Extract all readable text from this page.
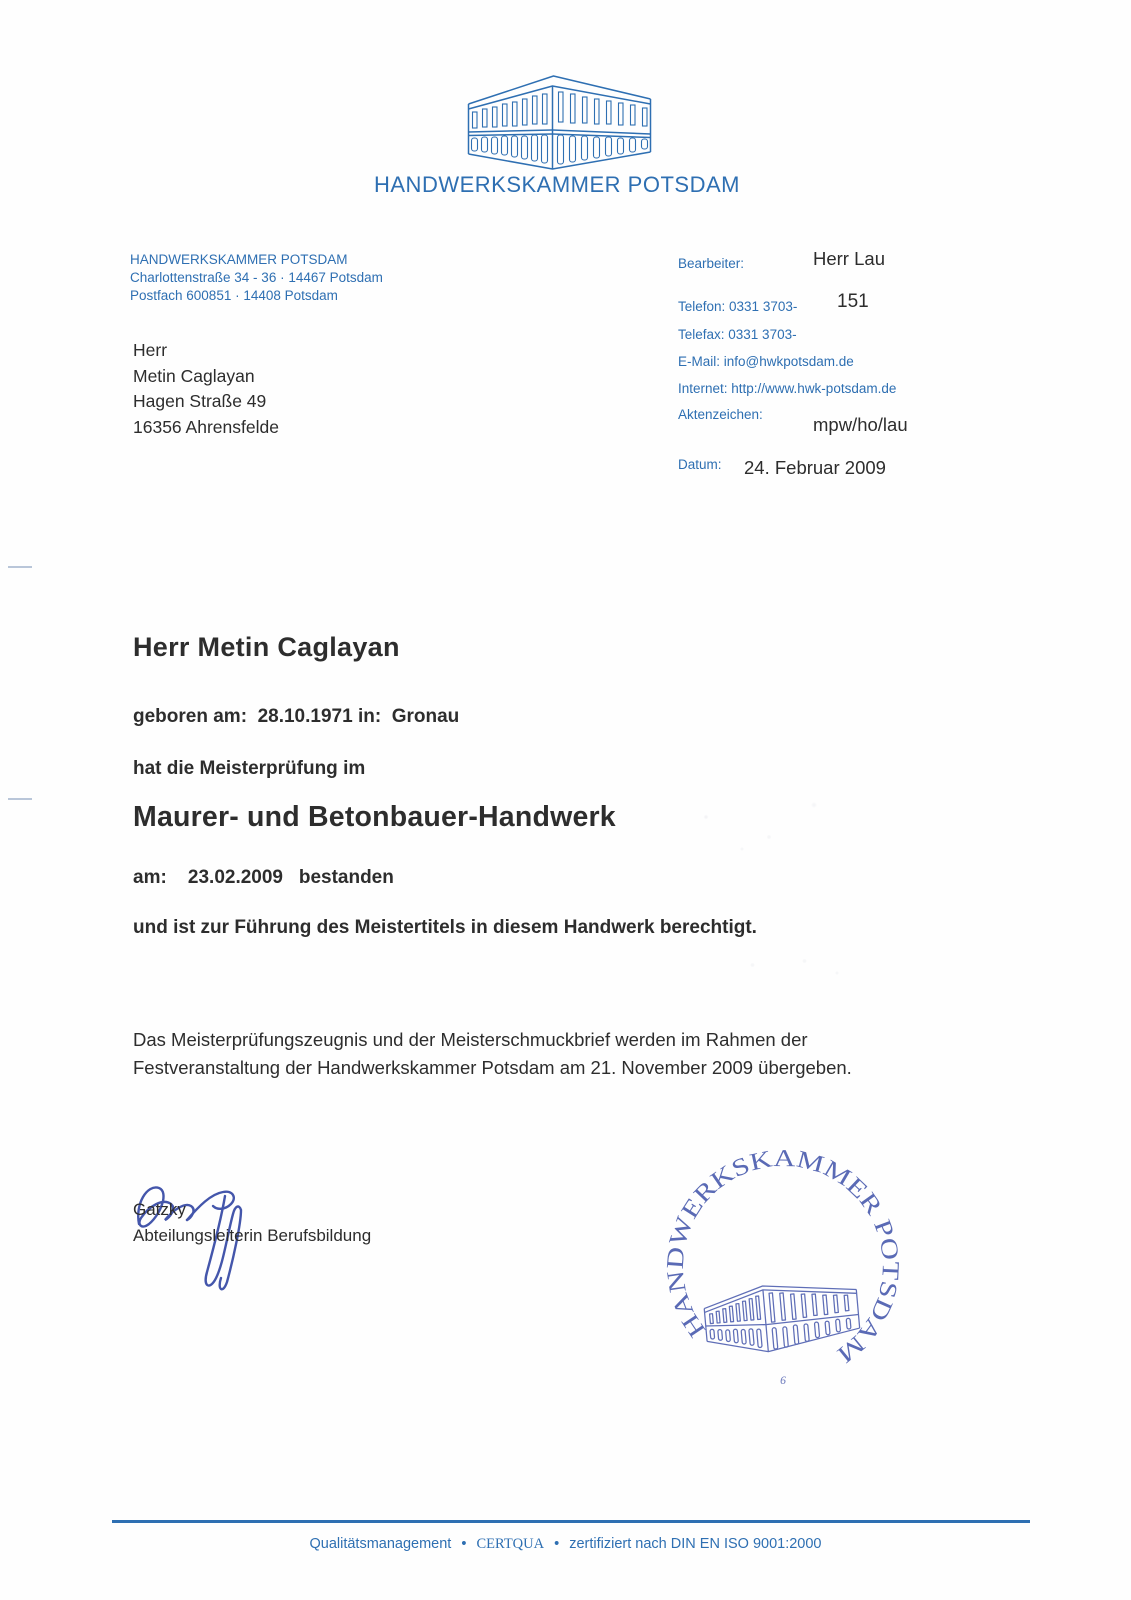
HANDWERKSKAMMER POTSDAM
HANDWERKSKAMMER POTSDAM
Charlottenstraße 34 - 36 · 14467 Potsdam
Postfach 600851 · 14408 Potsdam
Herr
Metin Caglayan
Hagen Straße 49
16356 Ahrensfelde
Bearbeiter:	Herr Lau
Telefon: 0331 3703- 151
Telefax: 0331 3703-
E-Mail: info@hwkpotsdam.de
Internet: http://www.hwk-potsdam.de
Aktenzeichen:	mpw/ho/lau
Datum: 24. Februar 2009
Herr Metin Caglayan
geboren am:  28.10.1971 in:  Gronau
hat die Meisterprüfung im
Maurer- und Betonbauer-Handwerk
am:    23.02.2009   bestanden
und ist zur Führung des Meistertitels in diesem Handwerk berechtigt.
Das Meisterprüfungszeugnis und der Meisterschmuckbrief werden im Rahmen der Festveranstaltung der Handwerkskammer Potsdam am 21. November 2009 übergeben.
Gatzky
Abteilungsleiterin Berufsbildung
HANDWERKSKAMMER POTSDAM
6
Qualitätsmanagement • CERTQUA • zertifiziert nach DIN EN ISO 9001:2000
